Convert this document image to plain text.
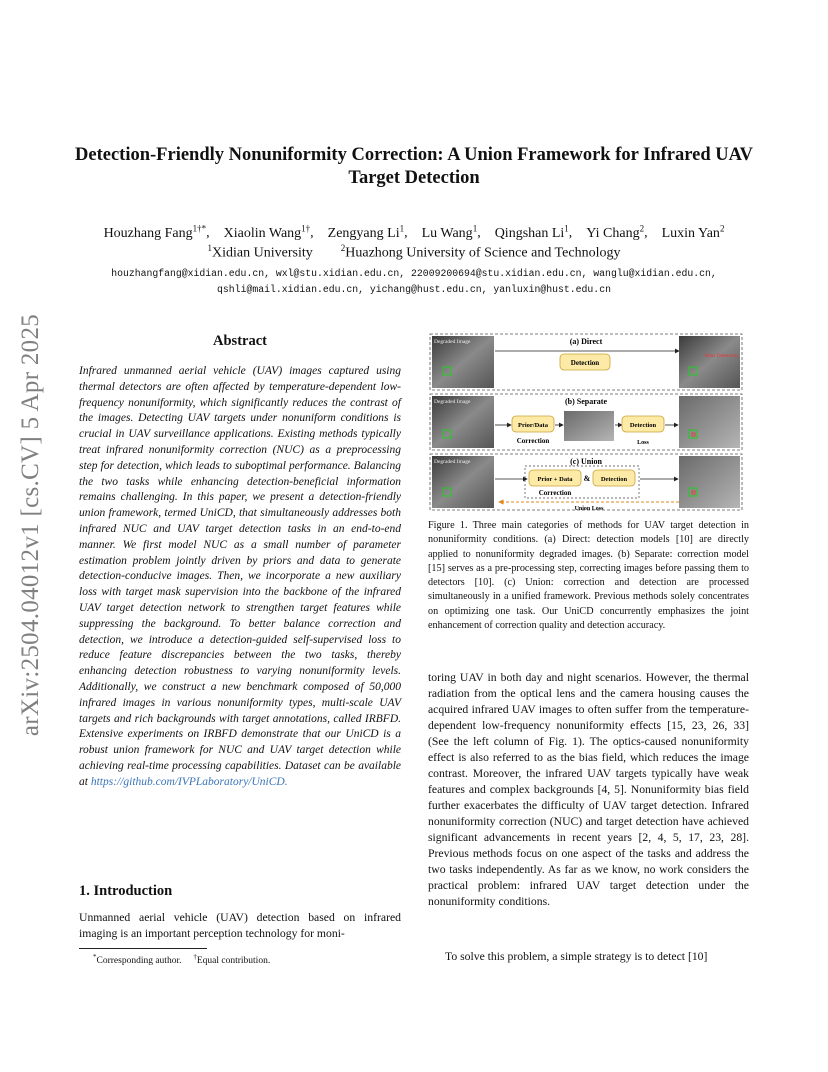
arXiv:2504.04012v1 [cs.CV] 5 Apr 2025
Detection-Friendly Nonuniformity Correction: A Union Framework for Infrared UAV Target Detection
Houzhang Fang$^{1\dagger*}$, Xiaolin Wang$^{1\dagger}$, Zengyang Li$^1$, Lu Wang$^1$, Qingshan Li$^1$, Yi Chang$^2$, Luxin Yan$^2$
$^1$Xidian University  	$^2$Huazhong University of Science and Technology
houzhangfang@xidian.edu.cn, wxl@stu.xidian.edu.cn, 22009200694@stu.xidian.edu.cn, wanglu@xidian.edu.cn,
qshli@mail.xidian.edu.cn, yichang@hust.edu.cn, yanluxin@hust.edu.cn
Abstract
Infrared unmanned aerial vehicle (UAV) images captured using thermal detectors are often affected by temperature-dependent low-frequency nonuniformity, which significantly reduces the contrast of the images. Detecting UAV targets under nonuniform conditions is crucial in UAV surveillance applications. Existing methods typically treat infrared nonuniformity correction (NUC) as a preprocessing step for detection, which leads to suboptimal performance. Balancing the two tasks while enhancing detection-beneficial information remains challenging. In this paper, we present a detection-friendly union framework, termed UniCD, that simultaneously addresses both infrared NUC and UAV target detection tasks in an end-to-end manner. We first model NUC as a small number of parameter estimation problem jointly driven by priors and data to generate detection-conducive images. Then, we incorporate a new auxiliary loss with target mask supervision into the backbone of the infrared UAV target detection network to strengthen target features while suppressing the background. To better balance correction and detection, we introduce a detection-guided self-supervised loss to reduce feature discrepancies between the two tasks, thereby enhancing detection robustness to varying nonuniformity levels. Additionally, we construct a new benchmark composed of 50,000 infrared images in various nonuniformity types, multi-scale UAV targets and rich backgrounds with target annotations, called IRBFD. Extensive experiments on IRBFD demonstrate that our UniCD is a robust union framework for NUC and UAV target detection while achieving real-time processing capabilities. Dataset can be available at https://github.com/IVPLaboratory/UniCD.
1. Introduction
Unmanned aerial vehicle (UAV) detection based on infrared imaging is an important perception technology for moni-
*Corresponding author. †Equal contribution.
Degraded Image	(a) Direct
Detection
Miss Detection
Degraded Image	(b) Separate
Prior/Data
Correction
Detection
Loss
Degraded Image	(c) Union
Prior + Data & Detection
Correction
Union Loss
Figure 1. Three main categories of methods for UAV target detection in nonuniformity conditions. (a) Direct: detection models [10] are directly applied to nonuniformity degraded images. (b) Separate: correction model [15] serves as a pre-processing step, correcting images before passing them to detectors [10]. (c) Union: correction and detection are processed simultaneously in a unified framework. Previous methods solely concentrates on optimizing one task. Our UniCD concurrently emphasizes the joint enhancement of correction quality and detection accuracy.
toring UAV in both day and night scenarios. However, the thermal radiation from the optical lens and the camera housing causes the acquired infrared UAV images to often suffer from the temperature-dependent low-frequency nonuniformity effects [15, 23, 26, 33] (See the left column of Fig. 1). The optics-caused nonuniformity effect is also referred to as the bias field, which reduces the image contrast. Moreover, the infrared UAV targets typically have weak features and complex backgrounds [4, 5]. Nonuniformity bias field further exacerbates the difficulty of UAV target detection. Infrared nonuniformity correction (NUC) and target detection have achieved significant advancements in recent years [2, 4, 5, 17, 23, 28]. Previous methods focus on one aspect of the tasks and address the two tasks independently. As far as we know, no work considers the practical problem: infrared UAV target detection under the nonuniformity conditions.
To solve this problem, a simple strategy is to detect [10]
